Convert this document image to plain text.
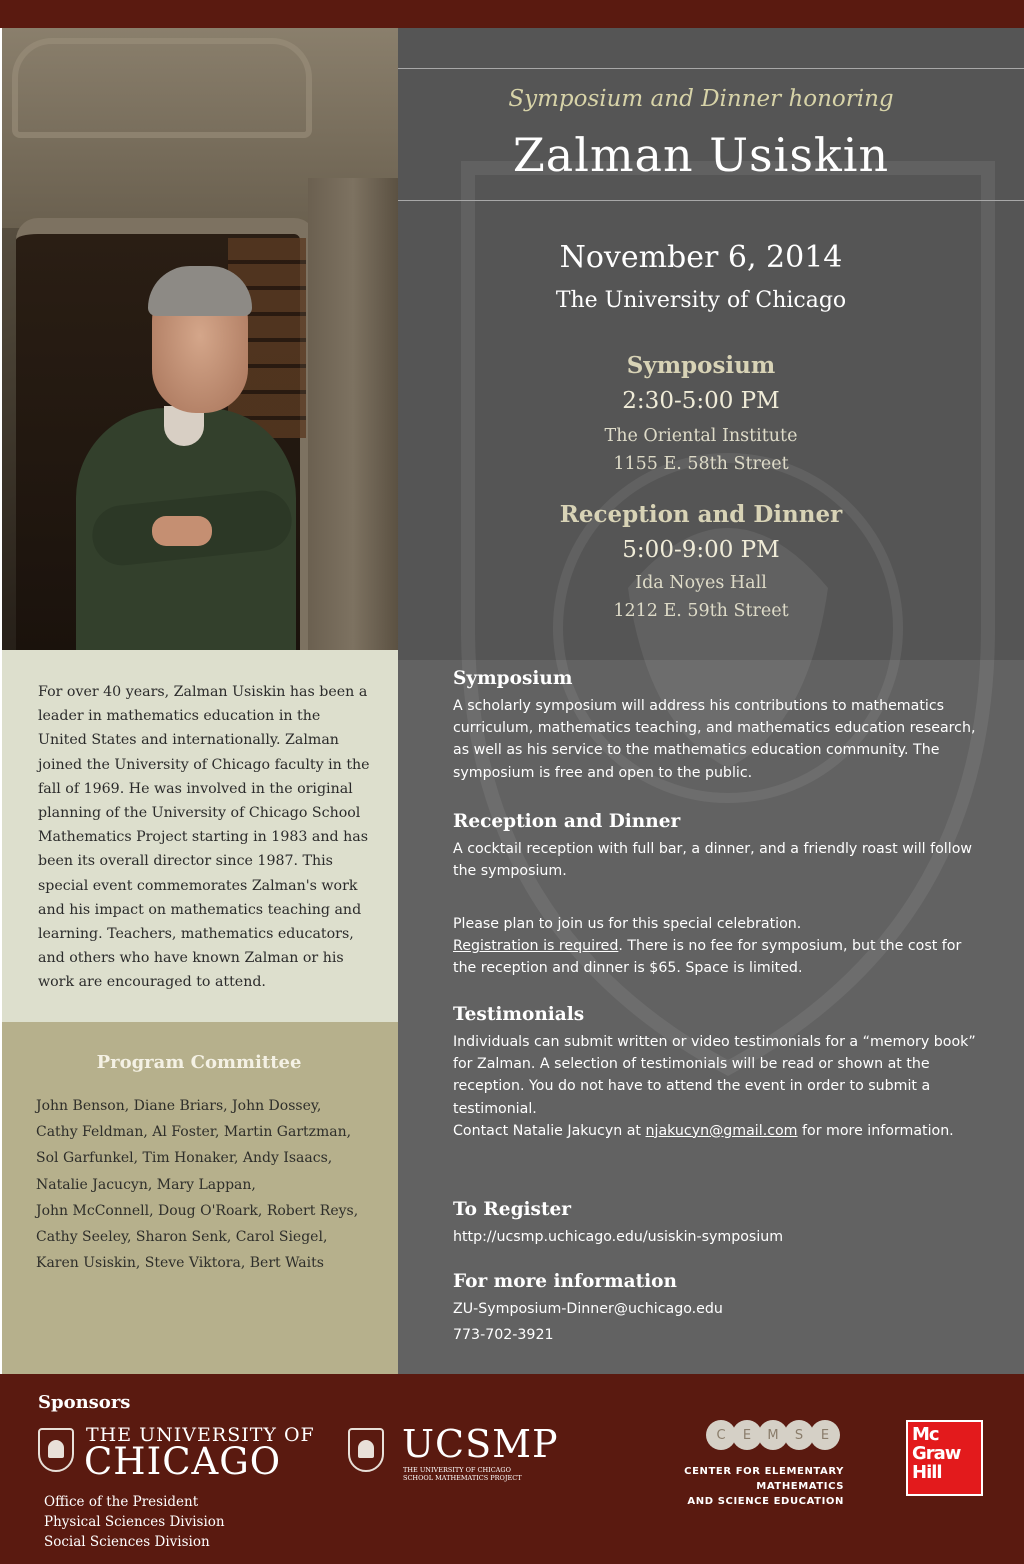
For over 40 years, Zalman Usiskin has been a leader in mathematics education in the United States and internationally. Zalman joined the University of Chicago faculty in the fall of 1969. He was involved in the original planning of the University of Chicago School Mathematics Project starting in 1983 and has been its overall director since 1987. This special event commemorates Zalman's work and his impact on mathematics teaching and learning. Teachers, mathematics educators, and others who have known Zalman or his work are encouraged to attend.

Program Committee
John Benson, Diane Briars, John Dossey,
Cathy Feldman, Al Foster, Martin Gartzman,
Sol Garfunkel, Tim Honaker, Andy Isaacs,
Natalie Jacucyn, Mary Lappan,
John McConnell, Doug O'Roark, Robert Reys,
Cathy Seeley, Sharon Senk, Carol Siegel,
Karen Usiskin, Steve Viktora, Bert Waits
Symposium and Dinner honoring
Zalman Usiskin
November 6, 2014
The University of Chicago
Symposium
2:30-5:00 PM
The Oriental Institute
1155 E. 58th Street
Reception and Dinner
5:00-9:00 PM
Ida Noyes Hall
1212 E. 59th Street
Symposium

A scholarly symposium will address his contributions to mathematics curriculum, mathematics teaching, and mathematics education research, as well as his service to the mathematics education community. The symposium is free and open to the public.

Reception and Dinner

A cocktail reception with full bar, a dinner, and a friendly roast will follow the symposium.

Please plan to join us for this special celebration.
Registration is required. There is no fee for symposium, but the cost for the reception and dinner is $65. Space is limited.

Testimonials

Individuals can submit written or video testimonials for a “memory book” for Zalman. A selection of testimonials will be read or shown at the reception. You do not have to attend the event in order to submit a testimonial.
Contact Natalie Jakucyn at njakucyn@gmail.com for more information.

To Register

http://ucsmp.uchicago.edu/usiskin-symposium

For more information

ZU-Symposium-Dinner@uchicago.edu

773-702-3921

Sponsors
THE UNIVERSITY OF
CHICAGO
Office of the President
Physical Sciences Division
Social Sciences Division
UCSMP
THE UNIVERSITY OF CHICAGO
SCHOOL MATHEMATICS PROJECT
C	E	M	S	E
CENTER FOR ELEMENTARY MATHEMATICS
AND SCIENCE EDUCATION
Mc
Graw
Hill
